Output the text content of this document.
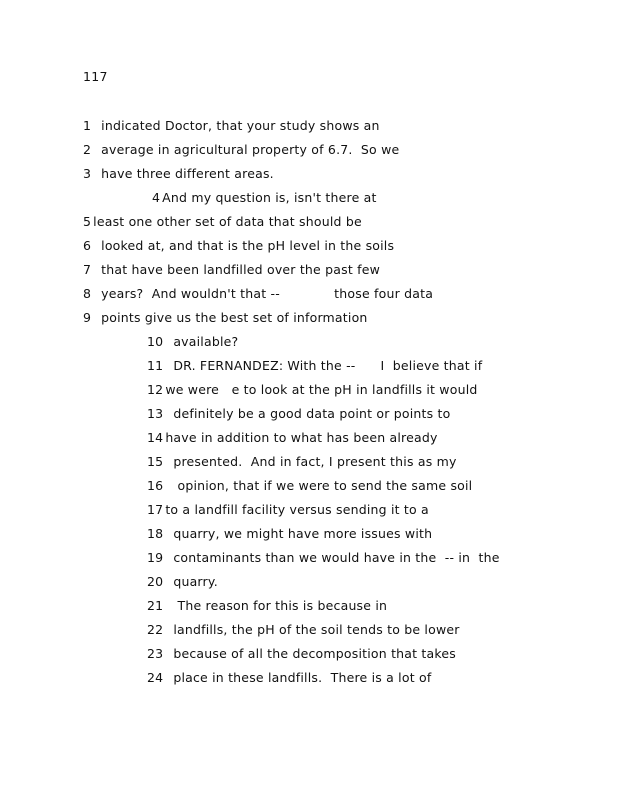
117
1 indicated Doctor, that your study shows an
2 average in agricultural property of 6.7.  So we
3 have three different areas.
4 And my question is, isn't there at
5 least one other set of data that should be
6 looked at, and that is the pH level in the soils
7 that have been landfilled over the past few
8 years?  And wouldn't that --             those four data
9 points give us the best set of information
10 available?
11 DR. FERNANDEZ: With the --      I  believe that if
12 we were   e to look at the pH in landfills it would
13 definitely be a good data point or points to
14 have in addition to what has been already
15 presented.  And in fact, I present this as my
16 opinion, that if we were to send the same soil
17 to a landfill facility versus sending it to a
18 quarry, we might have more issues with
19 contaminants than we would have in the  -- in  the
20 quarry.
21 The reason for this is because in
22 landfills, the pH of the soil tends to be lower
23 because of all the decomposition that takes
24 place in these landfills.  There is a lot of
